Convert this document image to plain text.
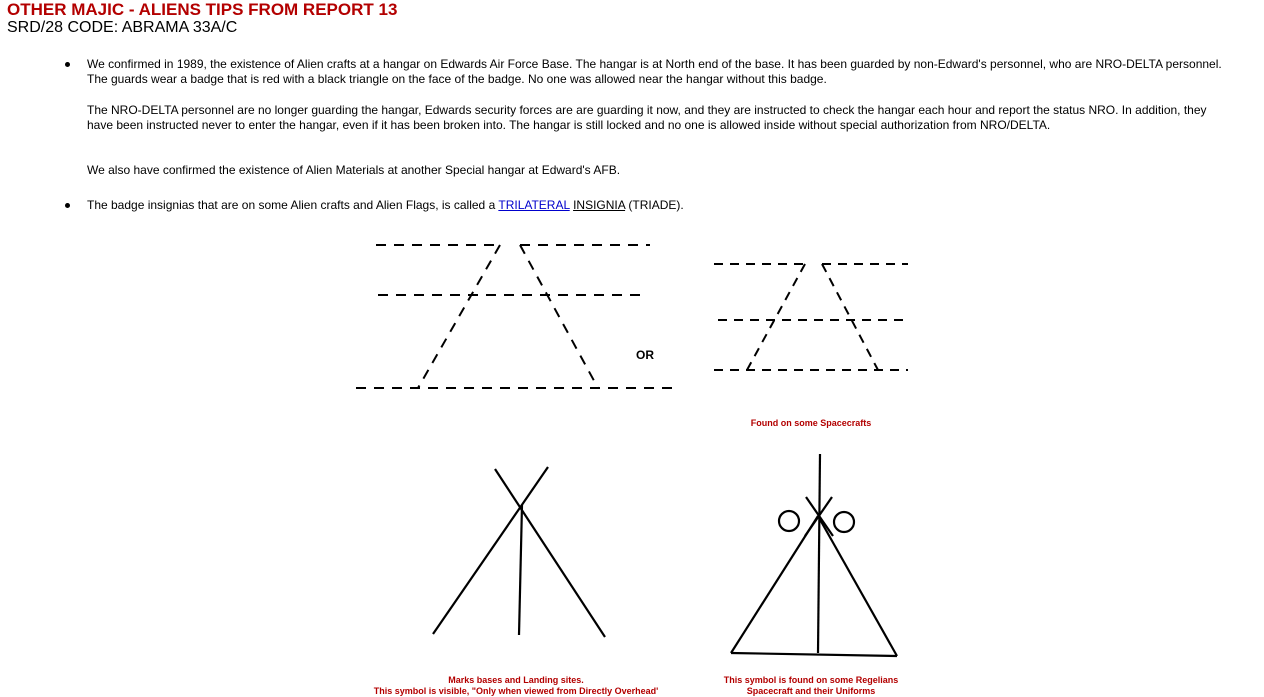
OTHER MAJIC - ALIENS TIPS FROM REPORT 13
SRD/28 CODE: ABRAMA 33A/C
We confirmed in 1989, the existence of Alien crafts at a hangar on Edwards Air Force Base. The hangar is at North end of the base. It has been guarded by non-Edward's personnel, who are NRO-DELTA personnel. The guards wear a badge that is red with a black triangle on the face of the badge. No one was allowed near the hangar without this badge.
The NRO-DELTA personnel are no longer guarding the hangar, Edwards security forces are are guarding it now, and they are instructed to check the hangar each hour and report the status NRO. In addition, they have been instructed never to enter the hangar, even if it has been broken into. The hangar is still locked and no one is allowed inside without special authorization from NRO/DELTA.
We also have confirmed the existence of Alien Materials at another Special hangar at Edward's AFB.
The badge insignias that are on some Alien crafts and Alien Flags, is called a TRILATERAL INSIGNIA (TRIADE).
OR
Found on some Spacecrafts
Marks bases and Landing sites.
This symbol is visible, "Only when viewed from Directly Overhead'
This symbol is found on some Regelians
Spacecraft and their Uniforms
